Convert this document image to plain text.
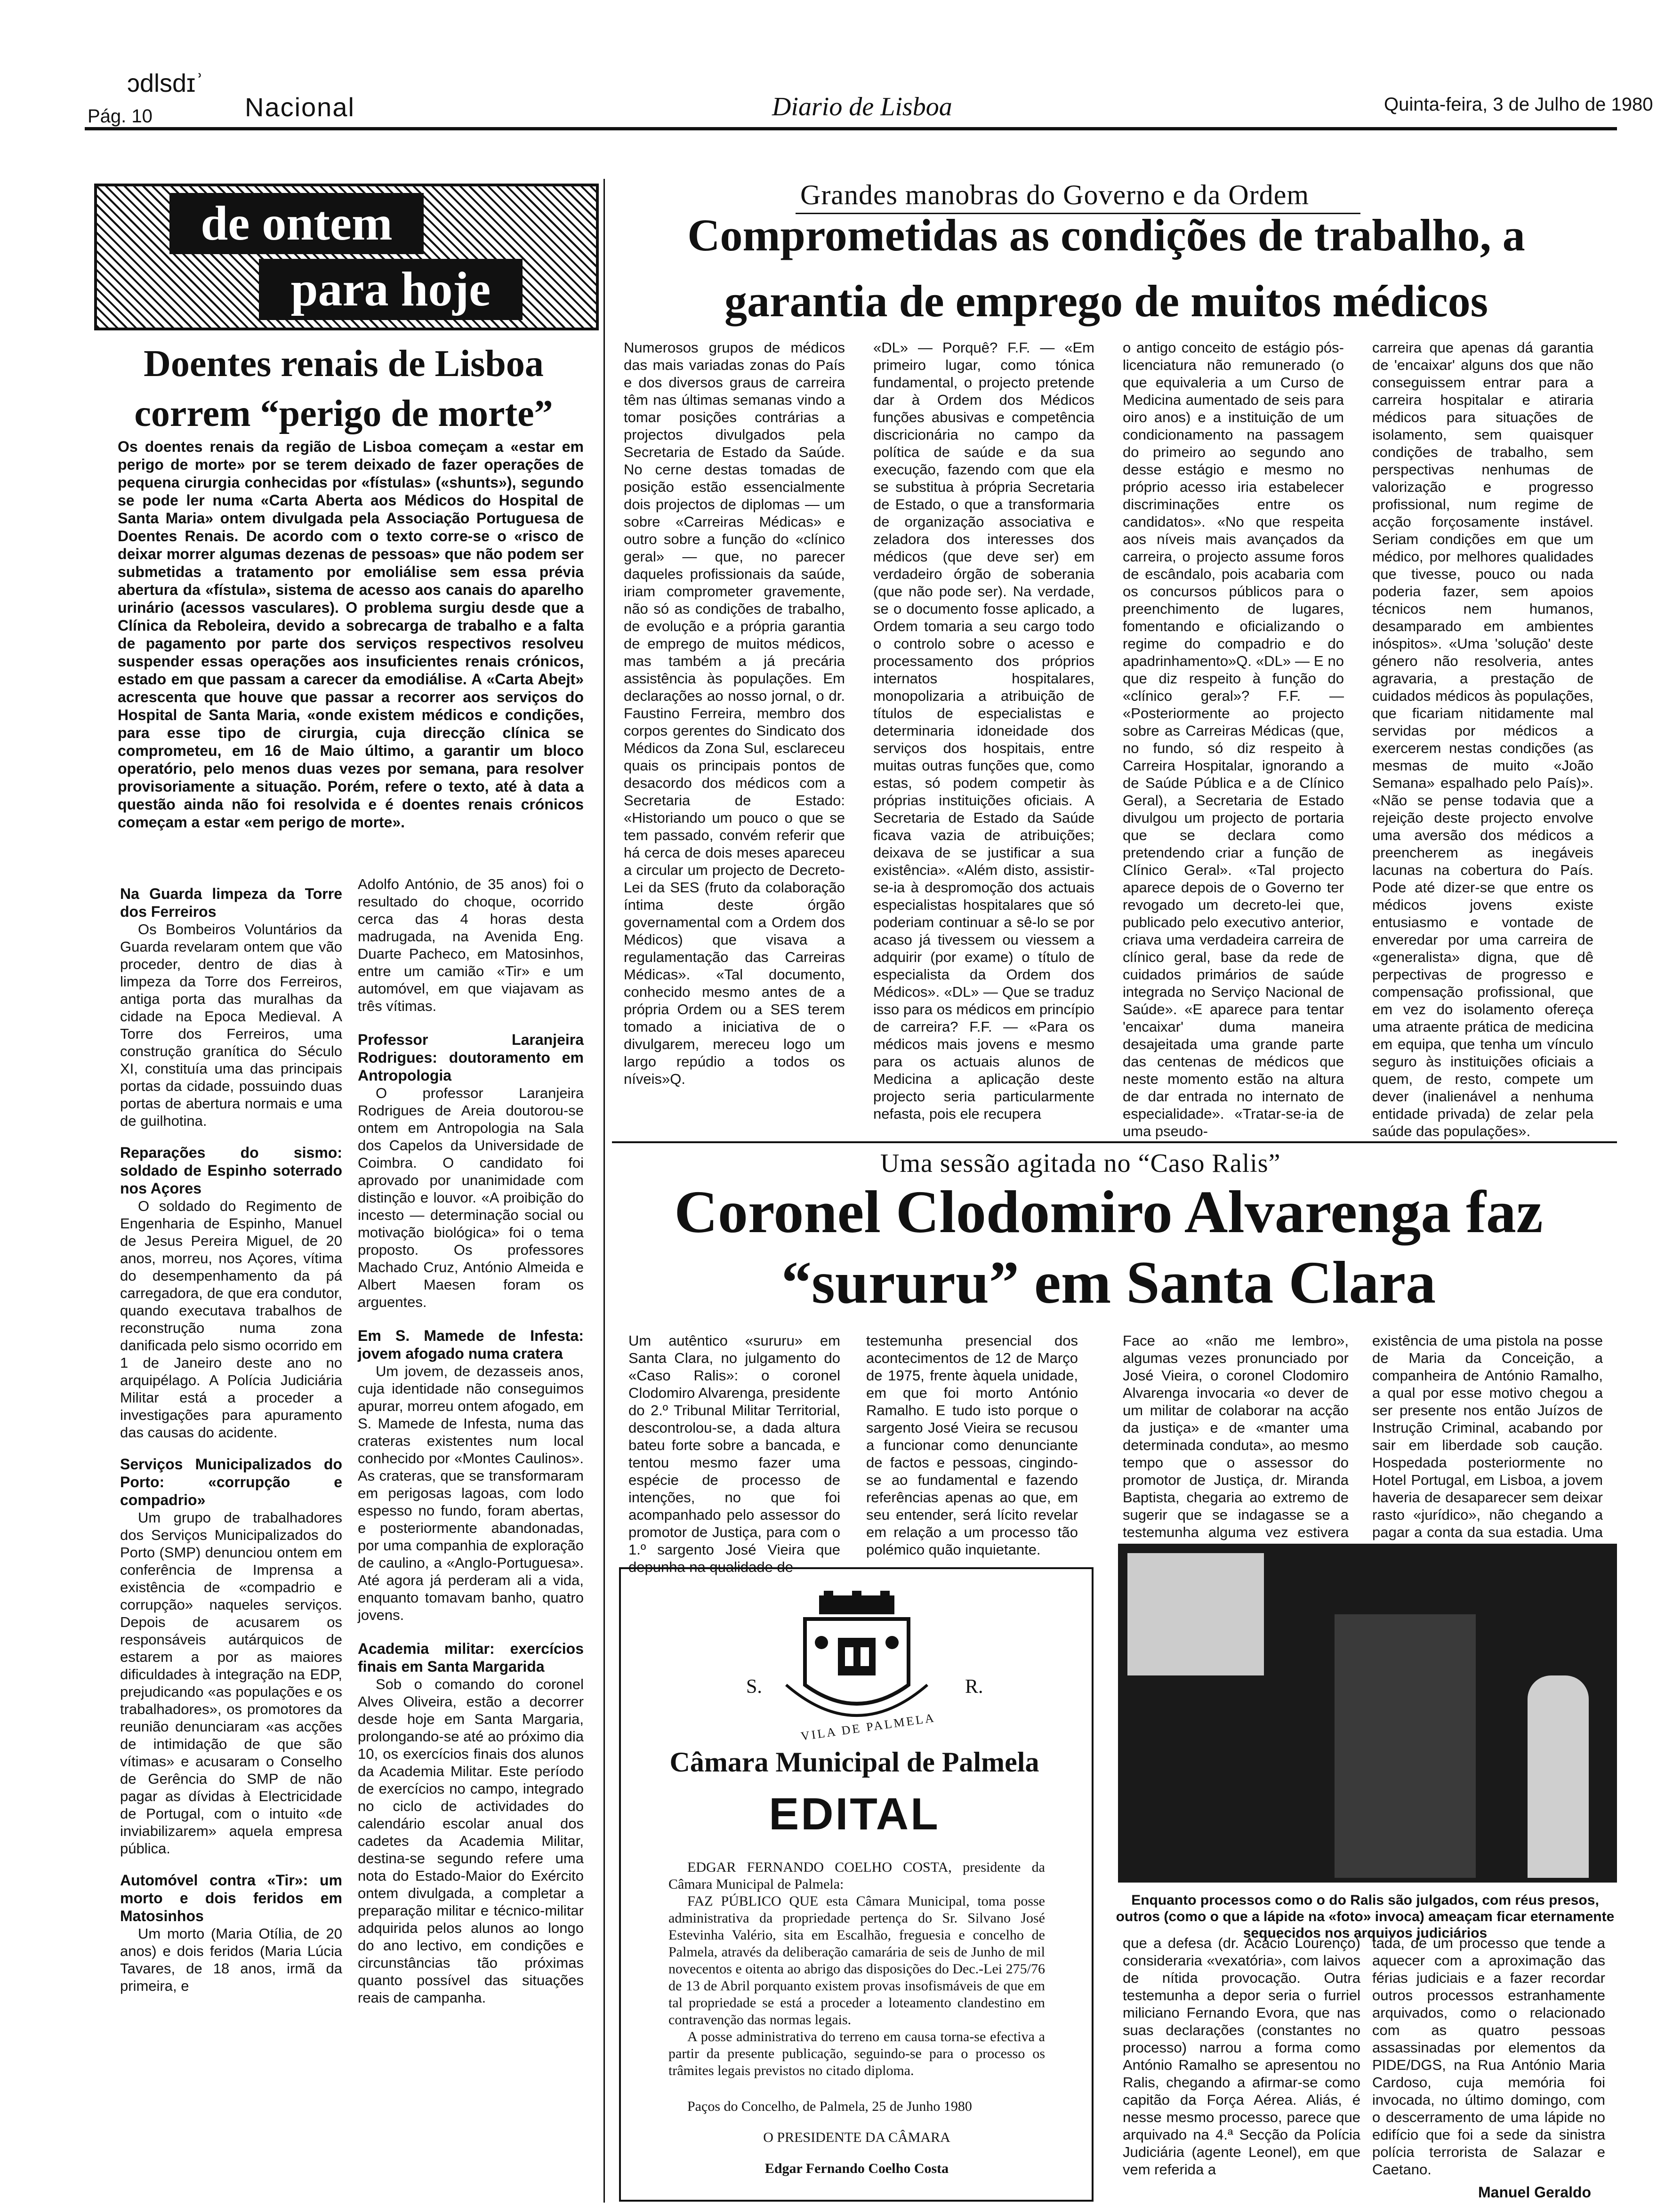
ɔdlsdɪʾ
Pág. 10	Nacional	Diario de Lisboa	Quinta-feira, 3 de Julho de 1980
de ontem
para hoje
Doentes renais de Lisboa correm “perigo de morte”
Os doentes renais da região de Lisboa começam a «estar em perigo de morte» por se terem deixado de fazer operações de pequena cirurgia conhecidas por «fístulas» («shunts»), segundo se pode ler numa «Carta Aberta aos Médicos do Hospital de Santa Maria» ontem divulgada pela Associação Portuguesa de Doentes Renais. De acordo com o texto corre-se o «risco de deixar morrer algumas dezenas de pessoas» que não podem ser submetidas a tratamento por emoliálise sem essa prévia abertura da «fístula», sistema de acesso aos canais do aparelho urinário (acessos vasculares). O problema surgiu desde que a Clínica da Reboleira, devido a sobrecarga de trabalho e a falta de pagamento por parte dos serviços respectivos resolveu suspender essas operações aos insuficientes renais crónicos, estado em que passam a carecer da emodiálise. A «Carta Abejt» acrescenta que houve que passar a recorrer aos serviços do Hospital de Santa Maria, «onde existem médicos e condições, para esse tipo de cirurgia, cuja direcção clínica se comprometeu, em 16 de Maio último, a garantir um bloco operatório, pelo menos duas vezes por semana, para resolver provisoriamente a situação. Porém, refere o texto, até à data a questão ainda não foi resolvida e é doentes renais crónicos começam a estar «em perigo de morte».
Na Guarda limpeza da Torre dos Ferreiros

Os Bombeiros Voluntários da Guarda revelaram ontem que vão proceder, dentro de dias à limpeza da Torre dos Ferreiros, antiga porta das muralhas da cidade na Epoca Medieval. A Torre dos Ferreiros, uma construção granítica do Século XI, constituía uma das principais portas da cidade, possuindo duas portas de abertura normais e uma de guilhotina.

Reparações do sismo: soldado de Espinho soterrado nos Açores

O soldado do Regimento de Engenharia de Espinho, Manuel de Jesus Pereira Miguel, de 20 anos, morreu, nos Açores, vítima do desempenhamento da pá carregadora, de que era condutor, quando executava trabalhos de reconstrução numa zona danificada pelo sismo ocorrido em 1 de Janeiro deste ano no arquipélago. A Polícia Judiciária Militar está a proceder a investigações para apuramento das causas do acidente.

Serviços Municipalizados do Porto: «corrupção e compadrio»

Um grupo de trabalhadores dos Serviços Municipalizados do Porto (SMP) denunciou ontem em conferência de Imprensa a existência de «compadrio e corrupção» naqueles serviços. Depois de acusarem os responsáveis autárquicos de estarem a por as maiores dificuldades à integração na EDP, prejudicando «as populações e os trabalhadores», os promotores da reunião denunciaram «as acções de intimidação de que são vítimas» e acusaram o Conselho de Gerência do SMP de não pagar as dívidas à Electricidade de Portugal, com o intuito «de inviabilizarem» aquela empresa pública.

Automóvel contra «Tir»: um morto e dois feridos em Matosinhos

Um morto (Maria Otília, de 20 anos) e dois feridos (Maria Lúcia Tavares, de 18 anos, irmã da primeira, e

Adolfo António, de 35 anos) foi o resultado do choque, ocorrido cerca das 4 horas desta madrugada, na Avenida Eng. Duarte Pacheco, em Matosinhos, entre um camião «Tir» e um automóvel, em que viajavam as três vítimas.

Professor Laranjeira Rodrigues: doutoramento em Antropologia

O professor Laranjeira Rodrigues de Areia doutorou-se ontem em Antropologia na Sala dos Capelos da Universidade de Coimbra. O candidato foi aprovado por unanimidade com distinção e louvor. «A proibição do incesto — determinação social ou motivação biológica» foi o tema proposto. Os professores Machado Cruz, António Almeida e Albert Maesen foram os arguentes.

Em S. Mamede de Infesta: jovem afogado numa cratera

Um jovem, de dezasseis anos, cuja identidade não conseguimos apurar, morreu ontem afogado, em S. Mamede de Infesta, numa das crateras existentes num local conhecido por «Montes Caulinos». As crateras, que se transformaram em perigosas lagoas, com lodo espesso no fundo, foram abertas, e posteriormente abandonadas, por uma companhia de exploração de caulino, a «Anglo-Portuguesa». Até agora já perderam ali a vida, enquanto tomavam banho, quatro jovens.

Academia militar: exercícios finais em Santa Margarida

Sob o comando do coronel Alves Oliveira, estão a decorrer desde hoje em Santa Margaria, prolongando-se até ao próximo dia 10, os exercícios finais dos alunos da Academia Militar. Este período de exercícios no campo, integrado no ciclo de actividades do calendário escolar anual dos cadetes da Academia Militar, destina-se segundo refere uma nota do Estado-Maior do Exército ontem divulgada, a completar a preparação militar e técnico-militar adquirida pelos alunos ao longo do ano lectivo, em condições e circunstâncias tão próximas quanto possível das situações reais de campanha.

Grandes manobras do Governo e da Ordem
Comprometidas as condições de trabalho, a garantia de emprego de muitos médicos
Numerosos grupos de médicos das mais variadas zonas do País e dos diversos graus de carreira têm nas últimas semanas vindo a tomar posições contrárias a projectos divulgados pela Secretaria de Estado da Saúde. No cerne destas tomadas de posição estão essencialmente dois projectos de diplomas — um sobre «Carreiras Médicas» e outro sobre a função do «clínico geral» — que, no parecer daqueles profissionais da saúde, iriam comprometer gravemente, não só as condições de trabalho, de evolução e a própria garantia de emprego de muitos médicos, mas também a já precária assistência às populações. Em declarações ao nosso jornal, o dr. Faustino Ferreira, membro dos corpos gerentes do Sindicato dos Médicos da Zona Sul, esclareceu quais os principais pontos de desacordo dos médicos com a Secretaria de Estado: «Historiando um pouco o que se tem passado, convém referir que há cerca de dois meses apareceu a circular um projecto de Decreto-Lei da SES (fruto da colaboração íntima deste órgão governamental com a Ordem dos Médicos) que visava a regulamentação das Carreiras Médicas». «Tal documento, conhecido mesmo antes de a própria Ordem ou a SES terem tomado a iniciativa de o divulgarem, mereceu logo um largo repúdio a todos os níveis»Q.
«DL» — Porquê? F.F. — «Em primeiro lugar, como tónica fundamental, o projecto pretende dar à Ordem dos Médicos funções abusivas e competência discricionária no campo da política de saúde e da sua execução, fazendo com que ela se substitua à própria Secretaria de Estado, o que a transformaria de organização associativa e zeladora dos interesses dos médicos (que deve ser) em verdadeiro órgão de soberania (que não pode ser). Na verdade, se o documento fosse aplicado, a Ordem tomaria a seu cargo todo o controlo sobre o acesso e processamento dos próprios internatos hospitalares, monopolizaria a atribuição de títulos de especialistas e determinaria idoneidade dos serviços dos hospitais, entre muitas outras funções que, como estas, só podem competir às próprias instituições oficiais. A Secretaria de Estado da Saúde ficava vazia de atribuições; deixava de se justificar a sua existência». «Além disto, assistir-se-ia à despromoção dos actuais especialistas hospitalares que só poderiam continuar a sê-lo se por acaso já tivessem ou viessem a adquirir (por exame) o título de especialista da Ordem dos Médicos». «DL» — Que se traduz isso para os médicos em princípio de carreira? F.F. — «Para os médicos mais jovens e mesmo para os actuais alunos de Medicina a aplicação deste projecto seria particularmente nefasta, pois ele recupera
o antigo conceito de estágio pós-licenciatura não remunerado (o que equivaleria a um Curso de Medicina aumentado de seis para oiro anos) e a instituição de um condicionamento na passagem do primeiro ao segundo ano desse estágio e mesmo no próprio acesso iria estabelecer discriminações entre os candidatos». «No que respeita aos níveis mais avançados da carreira, o projecto assume foros de escândalo, pois acabaria com os concursos públicos para o preenchimento de lugares, fomentando e oficializando o regime do compadrio e do apadrinhamento»Q. «DL» — E no que diz respeito à função do «clínico geral»? F.F. — «Posteriormente ao projecto sobre as Carreiras Médicas (que, no fundo, só diz respeito à Carreira Hospitalar, ignorando a de Saúde Pública e a de Clínico Geral), a Secretaria de Estado divulgou um projecto de portaria que se declara como pretendendo criar a função de Clínico Geral». «Tal projecto aparece depois de o Governo ter revogado um decreto-lei que, publicado pelo executivo anterior, criava uma verdadeira carreira de clínico geral, base da rede de cuidados primários de saúde integrada no Serviço Nacional de Saúde». «E aparece para tentar 'encaixar' duma maneira desajeitada uma grande parte das centenas de médicos que neste momento estão na altura de dar entrada no internato de especialidade». «Tratar-se-ia de uma pseudo-
carreira que apenas dá garantia de 'encaixar' alguns dos que não conseguissem entrar para a carreira hospitalar e atiraria médicos para situações de isolamento, sem quaisquer condições de trabalho, sem perspectivas nenhumas de valorização e progresso profissional, num regime de acção forçosamente instável. Seriam condições em que um médico, por melhores qualidades que tivesse, pouco ou nada poderia fazer, sem apoios técnicos nem humanos, desamparado em ambientes inóspitos». «Uma 'solução' deste género não resolveria, antes agravaria, a prestação de cuidados médicos às populações, que ficariam nitidamente mal servidas por médicos a exercerem nestas condições (as mesmas de muito «João Semana» espalhado pelo País)». «Não se pense todavia que a rejeição deste projecto envolve uma aversão dos médicos a preencherem as inegáveis lacunas na cobertura do País. Pode até dizer-se que entre os médicos jovens existe entusiasmo e vontade de enveredar por uma carreira de «generalista» digna, que dê perpectivas de progresso e compensação profissional, que em vez do isolamento ofereça uma atraente prática de medicina em equipa, que tenha um vínculo seguro às instituições oficiais a quem, de resto, compete um dever (inalienável a nenhuma entidade privada) de zelar pela saúde das populações».
Uma sessão agitada no “Caso Ralis”
Coronel Clodomiro Alvarenga faz “sururu” em Santa Clara
Um autêntico «sururu» em Santa Clara, no julgamento do «Caso Ralis»: o coronel Clodomiro Alvarenga, presidente do 2.º Tribunal Militar Territorial, descontrolou-se, a dada altura bateu forte sobre a bancada, e tentou mesmo fazer uma espécie de processo de intenções, no que foi acompanhado pelo assessor do promotor de Justiça, para com o 1.º sargento José Vieira que depunha na qualidade de
testemunha presencial dos acontecimentos de 12 de Março de 1975, frente àquela unidade, em que foi morto António Ramalho. E tudo isto porque o sargento José Vieira se recusou a funcionar como denunciante de factos e pessoas, cingindo-se ao fundamental e fazendo referências apenas ao que, em seu entender, será lícito revelar em relação a um processo tão polémico quão inquietante.
Face ao «não me lembro», algumas vezes pronunciado por José Vieira, o coronel Clodomiro Alvarenga invocaria «o dever de um militar de colaborar na acção da justiça» e de «manter uma determinada conduta», ao mesmo tempo que o assessor do promotor de Justiça, dr. Miranda Baptista, chegaria ao extremo de sugerir que se indagasse se a testemunha alguma vez estivera
existência de uma pistola na posse de Maria da Conceição, a companheira de António Ramalho, a qual por esse motivo chegou a ser presente nos então Juízos de Instrução Criminal, acabando por sair em liberdade sob caução. Hospedada posteriormente no Hotel Portugal, em Lisboa, a jovem haveria de desaparecer sem deixar rasto «jurídico», não chegando a pagar a conta da sua estadia. Uma
S.	R.
VILA DE PALMELA
Câmara Municipal de Palmela
EDITAL

EDGAR FERNANDO COELHO COSTA, presidente da Câmara Municipal de Palmela:

FAZ PÚBLICO QUE esta Câmara Municipal, toma posse administrativa da propriedade pertença do Sr. Silvano José Estevinha Valério, sita em Escalhão, freguesia e concelho de Palmela, através da deliberação camarária de seis de Junho de mil novecentos e oitenta ao abrigo das disposições do Dec.-Lei 275/76 de 13 de Abril porquanto existem provas insofismáveis de que em tal propriedade se está a proceder a loteamento clandestino em contravenção das normas legais.

A posse administrativa do terreno em causa torna-se efectiva a partir da presente publicação, seguindo-se para o processo os trâmites legais previstos no citado diploma.

Paços do Concelho, de Palmela, 25 de Junho 1980

O PRESIDENTE DA CÂMARA

Edgar Fernando Coelho Costa

Enquanto processos como o do Ralis são julgados, com réus presos, outros (como o que a lápide na «foto» invoca) ameaçam ficar eternamente sequecidos nos arquivos judiciários
que a defesa (dr. Acácio Lourenço) consideraria «vexatória», com laivos de nítida provocação. Outra testemunha a depor seria o furriel miliciano Fernando Evora, que nas suas declarações (constantes no processo) narrou a forma como António Ramalho se apresentou no Ralis, chegando a afirmar-se como capitão da Força Aérea. Aliás, é nesse mesmo processo, parece que arquivado na 4.ª Secção da Polícia Judiciária (agente Leonel), em que vem referida a
tada, de um processo que tende a aquecer com a aproximação das férias judiciais e a fazer recordar outros processos estranhamente arquivados, como o relacionado com as quatro pessoas assassinadas por elementos da PIDE/DGS, na Rua António Maria Cardoso, cuja memória foi invocada, no último domingo, com o descerramento de uma lápide no edifício que foi a sede da sinistra polícia terrorista de Salazar e Caetano.
Manuel Geraldo
